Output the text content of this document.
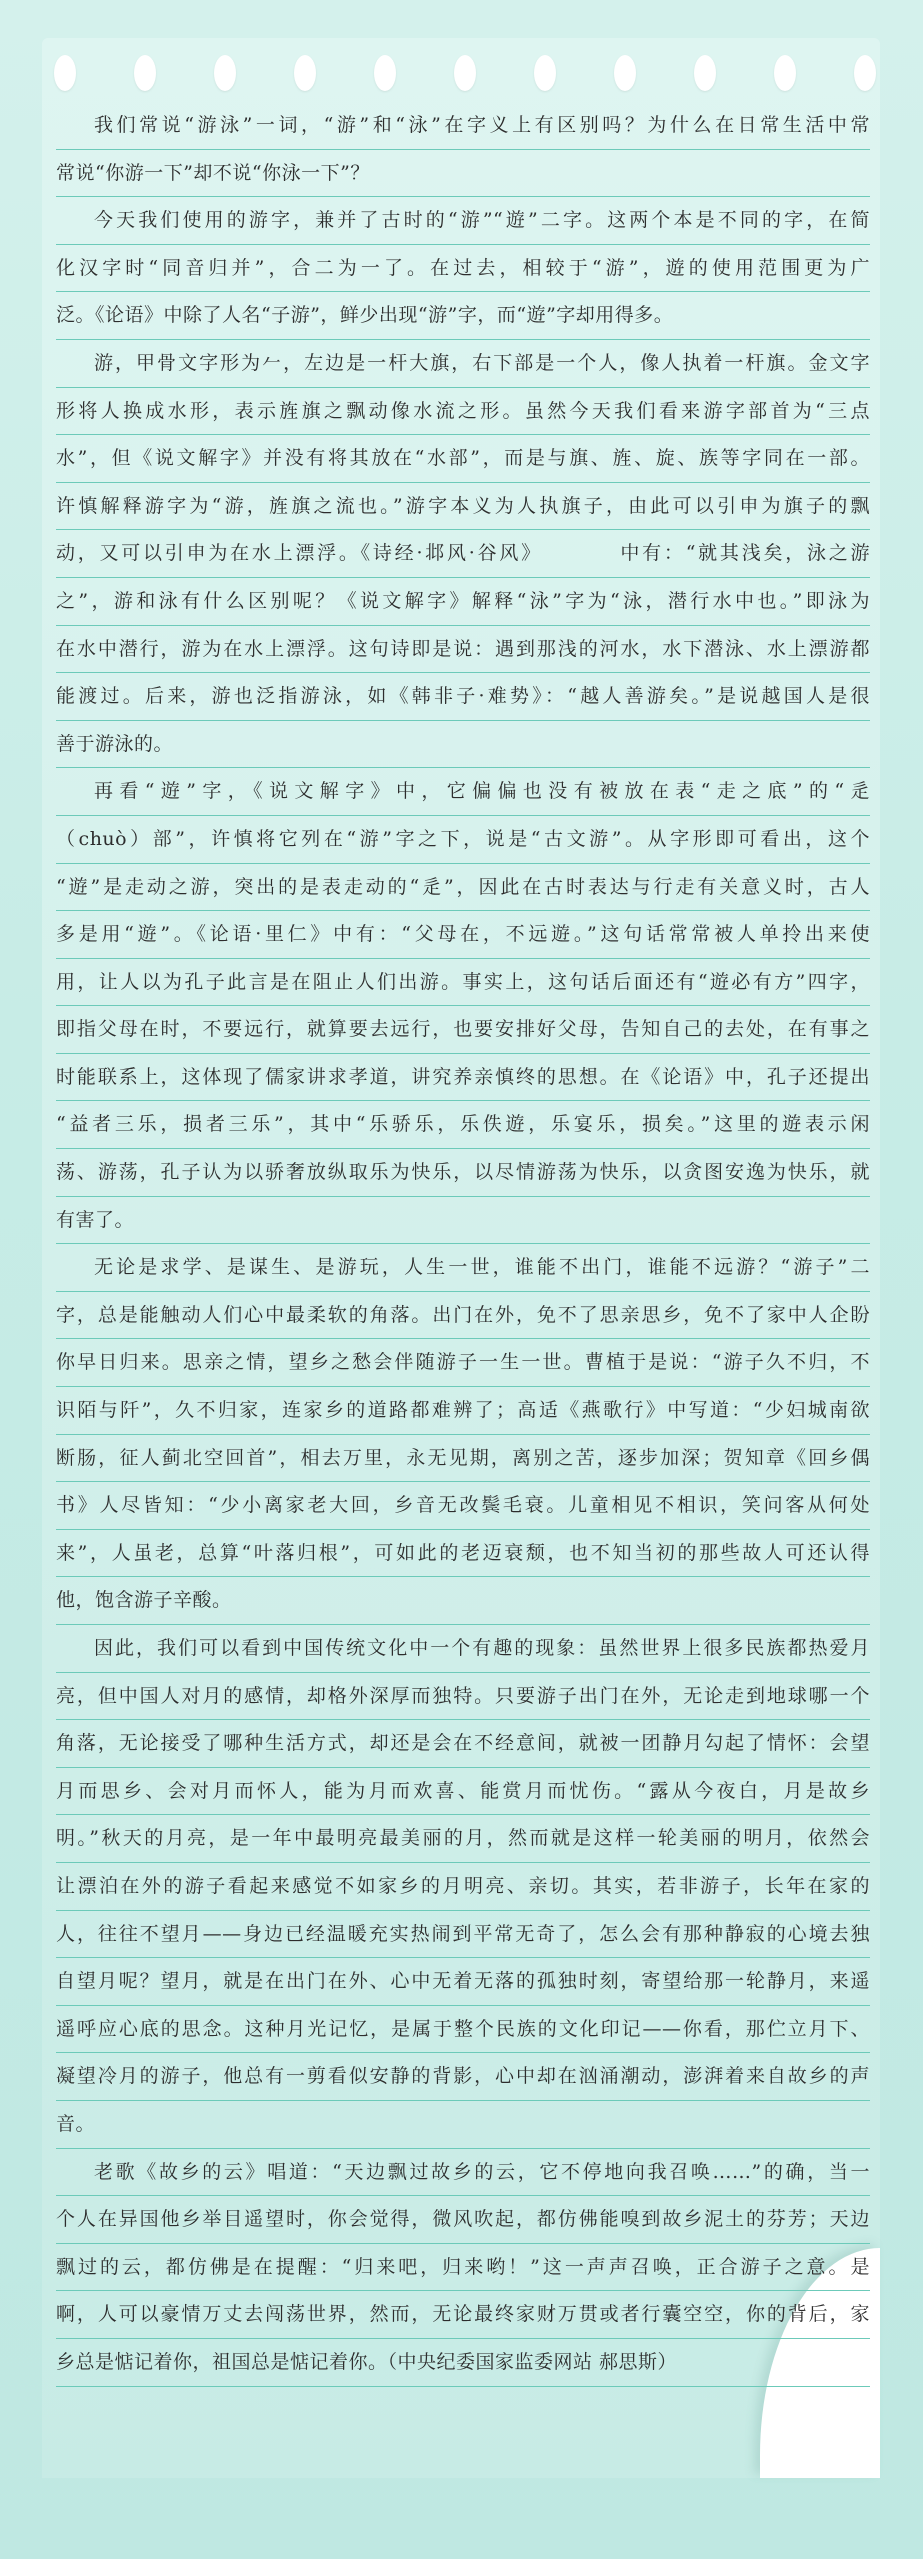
我们常说“游泳”一词，“游”和“泳”在字义上有区别吗？为什么在日常生活中常
常说“你游一下”却不说“你泳一下”？
今天我们使用的游字，兼并了古时的“游”“遊”二字。这两个本是不同的字，在简
化汉字时“同音归并”，合二为一了。在过去，相较于“游”，遊的使用范围更为广
泛。《论语》中除了人名“子游”，鲜少出现“游”字，而“遊”字却用得多。
游，甲骨文字形为𠂉，左边是一杆大旗，右下部是一个人，像人执着一杆旗。金文字
形将人换成水形，表示旌旗之飘动像水流之形。虽然今天我们看来游字部首为“三点
水”，但《说文解字》并没有将其放在“水部”，而是与旗、旌、旋、族等字同在一部。
许慎解释游字为“游，旌旗之流也。”游字本义为人执旗子，由此可以引申为旗子的飘
动，又可以引申为在水上漂浮。《诗经·邶风·谷风》　　　　中有：“就其浅矣，泳之游
之”，游和泳有什么区别呢？《说文解字》解释“泳”字为“泳，潜行水中也。”即泳为
在水中潜行，游为在水上漂浮。这句诗即是说：遇到那浅的河水，水下潜泳、水上漂游都
能渡过。后来，游也泛指游泳，如《韩非子·难势》：“越人善游矣。”是说越国人是很
善于游泳的。
再看“遊”字，《说文解字》中，它偏偏也没有被放在表“走之底”的“辵
（chuò）部”，许慎将它列在“游”字之下，说是“古文游”。从字形即可看出，这个
“遊”是走动之游，突出的是表走动的“辵”，因此在古时表达与行走有关意义时，古人
多是用“遊”。《论语·里仁》中有：“父母在，不远遊。”这句话常常被人单拎出来使
用，让人以为孔子此言是在阻止人们出游。事实上，这句话后面还有“遊必有方”四字，
即指父母在时，不要远行，就算要去远行，也要安排好父母，告知自己的去处，在有事之
时能联系上，这体现了儒家讲求孝道，讲究养亲慎终的思想。在《论语》中，孔子还提出
“益者三乐，损者三乐”，其中“乐骄乐，乐佚遊，乐宴乐，损矣。”这里的遊表示闲
荡、游荡，孔子认为以骄奢放纵取乐为快乐，以尽情游荡为快乐，以贪图安逸为快乐，就
有害了。
无论是求学、是谋生、是游玩，人生一世，谁能不出门，谁能不远游？“游子”二
字，总是能触动人们心中最柔软的角落。出门在外，免不了思亲思乡，免不了家中人企盼
你早日归来。思亲之情，望乡之愁会伴随游子一生一世。曹植于是说：“游子久不归，不
识陌与阡”，久不归家，连家乡的道路都难辨了；高适《燕歌行》中写道：“少妇城南欲
断肠，征人蓟北空回首”，相去万里，永无见期，离别之苦，逐步加深；贺知章《回乡偶
书》人尽皆知：“少小离家老大回，乡音无改鬓毛衰。儿童相见不相识，笑问客从何处
来”，人虽老，总算“叶落归根”，可如此的老迈衰颓，也不知当初的那些故人可还认得
他，饱含游子辛酸。
因此，我们可以看到中国传统文化中一个有趣的现象：虽然世界上很多民族都热爱月
亮，但中国人对月的感情，却格外深厚而独特。只要游子出门在外，无论走到地球哪一个
角落，无论接受了哪种生活方式，却还是会在不经意间，就被一团静月勾起了情怀：会望
月而思乡、会对月而怀人，能为月而欢喜、能赏月而忧伤。“露从今夜白，月是故乡
明。”秋天的月亮，是一年中最明亮最美丽的月，然而就是这样一轮美丽的明月，依然会
让漂泊在外的游子看起来感觉不如家乡的月明亮、亲切。其实，若非游子，长年在家的
人，往往不望月——身边已经温暖充实热闹到平常无奇了，怎么会有那种静寂的心境去独
自望月呢？望月，就是在出门在外、心中无着无落的孤独时刻，寄望给那一轮静月，来遥
遥呼应心底的思念。这种月光记忆，是属于整个民族的文化印记——你看，那伫立月下、
凝望冷月的游子，他总有一剪看似安静的背影，心中却在汹涌潮动，澎湃着来自故乡的声
音。
老歌《故乡的云》唱道：“天边飘过故乡的云，它不停地向我召唤……”的确，当一
个人在异国他乡举目遥望时，你会觉得，微风吹起，都仿佛能嗅到故乡泥土的芬芳；天边
飘过的云，都仿佛是在提醒：“归来吧，归来哟！”这一声声召唤，正合游子之意。是
啊，人可以豪情万丈去闯荡世界，然而，无论最终家财万贯或者行囊空空，你的背后，家
乡总是惦记着你，祖国总是惦记着你。（中央纪委国家监委网站 郝思斯）
